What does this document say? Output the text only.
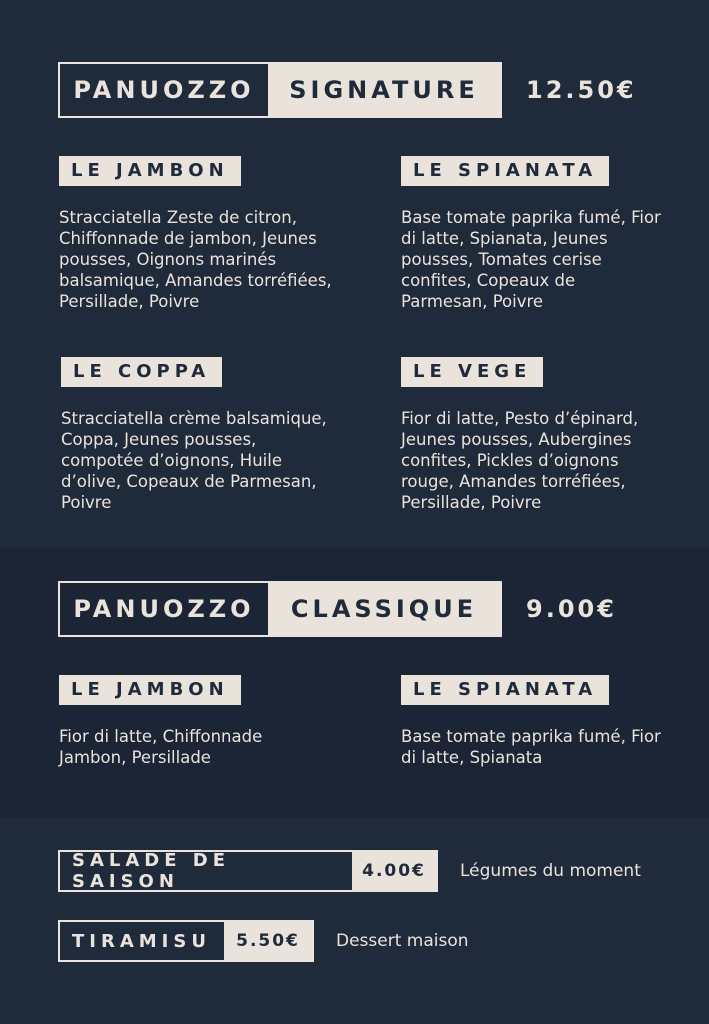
PANUOZZO	SIGNATURE	12.50€
LE JAMBON
Stracciatella Zeste de citron, Chiffonnade de jambon, Jeunes pousses, Oignons marinés balsamique, Amandes torréfiées, Persillade, Poivre
LE SPIANATA
Base tomate paprika fumé, Fior di latte, Spianata, Jeunes pousses, Tomates cerise confites, Copeaux de Parmesan, Poivre
LE COPPA
Stracciatella crème balsamique, Coppa, Jeunes pousses, compotée d’oignons, Huile d’olive, Copeaux de Parmesan, Poivre
LE VEGE
Fior di latte, Pesto d’épinard, Jeunes pousses, Aubergines confites, Pickles d’oignons rouge, Amandes torréfiées, Persillade, Poivre
PANUOZZO	CLASSIQUE	9.00€
LE JAMBON
Fior di latte, Chiffonnade Jambon, Persillade
LE SPIANATA
Base tomate paprika fumé, Fior di latte, Spianata
SALADE DE SAISON	4.00€	Légumes du moment
TIRAMISU	5.50€	Dessert maison
